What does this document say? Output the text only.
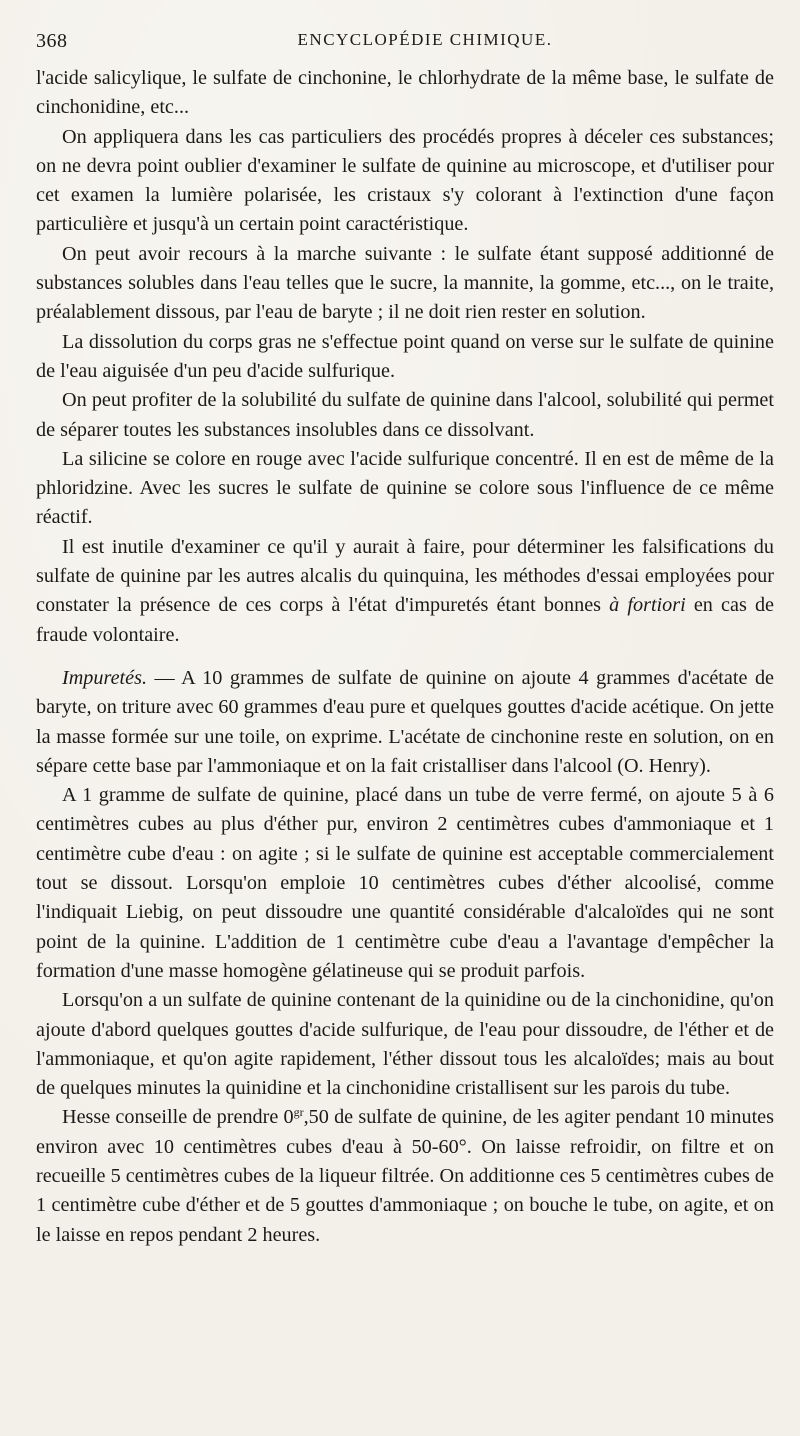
368	ENCYCLOPÉDIE CHIMIQUE.

l'acide salicylique, le sulfate de cinchonine, le chlorhydrate de la même base, le sulfate de cinchonidine, etc...

On appliquera dans les cas particuliers des procédés propres à déceler ces substances; on ne devra point oublier d'examiner le sulfate de quinine au microscope, et d'utiliser pour cet examen la lumière polarisée, les cristaux s'y colorant à l'extinction d'une façon particulière et jusqu'à un certain point caractéristique.

On peut avoir recours à la marche suivante : le sulfate étant supposé additionné de substances solubles dans l'eau telles que le sucre, la mannite, la gomme, etc..., on le traite, préalablement dissous, par l'eau de baryte ; il ne doit rien rester en solution.

La dissolution du corps gras ne s'effectue point quand on verse sur le sulfate de quinine de l'eau aiguisée d'un peu d'acide sulfurique.

On peut profiter de la solubilité du sulfate de quinine dans l'alcool, solubilité qui permet de séparer toutes les substances insolubles dans ce dissolvant.

La silicine se colore en rouge avec l'acide sulfurique concentré. Il en est de même de la phloridzine. Avec les sucres le sulfate de quinine se colore sous l'influence de ce même réactif.

Il est inutile d'examiner ce qu'il y aurait à faire, pour déterminer les falsifications du sulfate de quinine par les autres alcalis du quinquina, les méthodes d'essai employées pour constater la présence de ces corps à l'état d'impuretés étant bonnes à fortiori en cas de fraude volontaire.

Impuretés. — A 10 grammes de sulfate de quinine on ajoute 4 grammes d'acétate de baryte, on triture avec 60 grammes d'eau pure et quelques gouttes d'acide acétique. On jette la masse formée sur une toile, on exprime. L'acétate de cinchonine reste en solution, on en sépare cette base par l'ammoniaque et on la fait cristalliser dans l'alcool (O. Henry).

A 1 gramme de sulfate de quinine, placé dans un tube de verre fermé, on ajoute 5 à 6 centimètres cubes au plus d'éther pur, environ 2 centimètres cubes d'ammoniaque et 1 centimètre cube d'eau : on agite ; si le sulfate de quinine est acceptable commercialement tout se dissout. Lorsqu'on emploie 10 centimètres cubes d'éther alcoolisé, comme l'indiquait Liebig, on peut dissoudre une quantité considérable d'alcaloïdes qui ne sont point de la quinine. L'addition de 1 centimètre cube d'eau a l'avantage d'empêcher la formation d'une masse homogène gélatineuse qui se produit parfois.

Lorsqu'on a un sulfate de quinine contenant de la quinidine ou de la cinchonidine, qu'on ajoute d'abord quelques gouttes d'acide sulfurique, de l'eau pour dissoudre, de l'éther et de l'ammoniaque, et qu'on agite rapidement, l'éther dissout tous les alcaloïdes; mais au bout de quelques minutes la quinidine et la cinchonidine cristallisent sur les parois du tube.

Hesse conseille de prendre $0^{gr},50$ de sulfate de quinine, de les agiter pendant 10 minutes environ avec 10 centimètres cubes d'eau à 50-60°. On laisse refroidir, on filtre et on recueille 5 centimètres cubes de la liqueur filtrée. On additionne ces 5 centimètres cubes de 1 centimètre cube d'éther et de 5 gouttes d'ammoniaque ; on bouche le tube, on agite, et on le laisse en repos pendant 2 heures.
